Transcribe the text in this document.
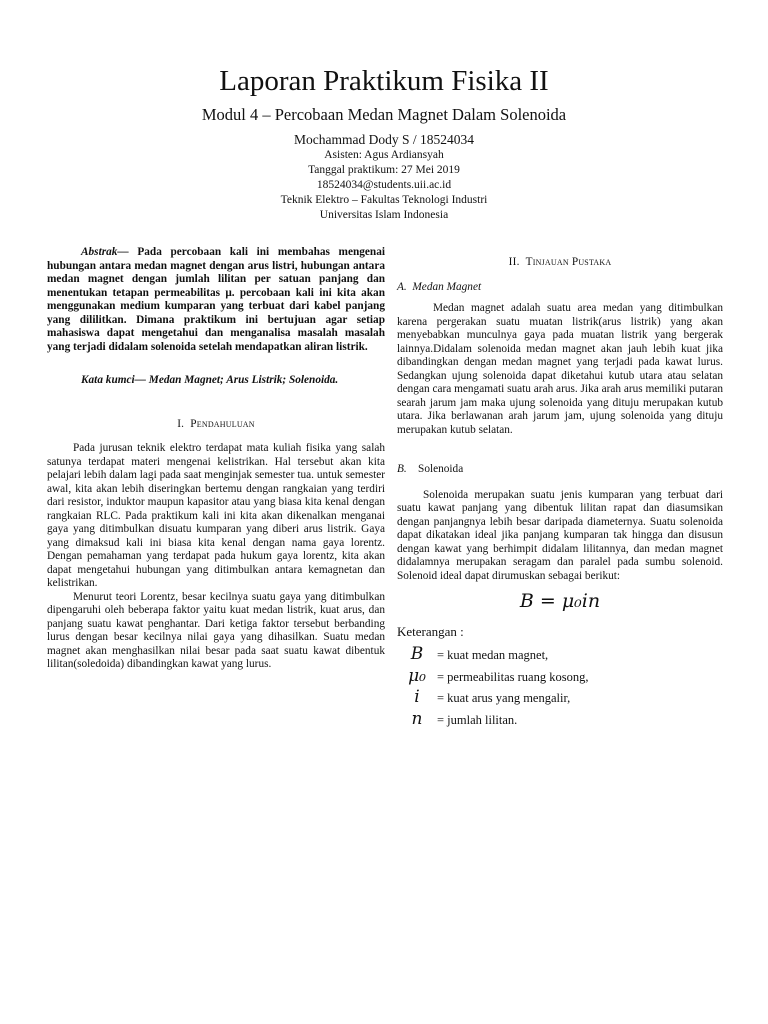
Laporan Praktikum Fisika II
Modul 4 – Percobaan Medan Magnet Dalam Solenoida
Mochammad Dody S / 18524034
Asisten: Agus Ardiansyah
Tanggal praktikum: 27 Mei 2019
18524034@students.uii.ac.id
Teknik Elektro – Fakultas Teknologi Industri
Universitas Islam Indonesia

Abstrak— Pada percobaan kali ini membahas mengenai hubungan antara medan magnet dengan arus listri, hubungan antara medan magnet dengan jumlah lilitan per satuan panjang dan menentukan tetapan permeabilitas μ. percobaan kali ini kita akan menggunakan medium kumparan yang terbuat dari kabel panjang yang dililitkan. Dimana praktikum ini bertujuan agar setiap mahasiswa dapat mengetahui dan menganalisa masalah masalah yang terjadi didalam solenoida setelah mendapatkan aliran listrik.

Kata kumci— Medan Magnet; Arus Listrik; Solenoida.

I. Pendahuluan

Pada jurusan teknik elektro terdapat mata kuliah fisika yang salah satunya terdapat materi mengenai kelistrikan. Hal tersebut akan kita pelajari lebih dalam lagi pada saat menginjak semester tua. untuk semester awal, kita akan lebih diseringkan bertemu dengan rangkaian yang terdiri dari resistor, induktor maupun kapasitor atau yang biasa kita kenal dengan rangkaian RLC. Pada praktikum kali ini kita akan dikenalkan menganai gaya yang ditimbulkan disuatu kumparan yang diberi arus listrik. Gaya yang dimaksud kali ini biasa kita kenal dengan nama gaya lorentz. Dengan pemahaman yang terdapat pada hukum gaya lorentz, kita akan dapat mengetahui hubungan yang ditimbulkan antara kemagnetan dan kelistrikan.

Menurut teori Lorentz, besar kecilnya suatu gaya yang ditimbulkan dipengaruhi oleh beberapa faktor yaitu kuat medan listrik, kuat arus, dan panjang suatu kawat penghantar. Dari ketiga faktor tersebut berbanding lurus dengan besar kecilnya nilai gaya yang dihasilkan. Suatu medan magnet akan menghasilkan nilai besar pada saat suatu kawat dibentuk lilitan(soledoida) dibandingkan kawat yang lurus.

II. Tinjauan Pustaka
A. Medan Magnet

Medan magnet adalah suatu area medan yang ditimbulkan karena pergerakan suatu muatan listrik(arus listrik) yang akan menyebabkan munculnya gaya pada muatan listrik yang bergerak lainnya.Didalam solenoida medan magnet akan jauh lebih kuat jika dibandingkan dengan medan magnet yang terjadi pada kawat lurus. Sedangkan ujung solenoida dapat diketahui kutub utara atau selatan dengan cara mengamati suatu arah arus. Jika arah arus memiliki putaran searah jarum jam maka ujung solenoida yang dituju merupakan kutub utara. Jika berlawanan arah jarum jam, ujung solenoida yang dituju merupakan kutub selatan.

B. Solenoida

Solenoida merupakan suatu jenis kumparan yang terbuat dari suatu kawat panjang yang dibentuk lilitan rapat dan diasumsikan dengan panjangnya lebih besar daripada diameternya. Suatu solenoida dapat dikatakan ideal jika panjang kumparan tak hingga dan disusun dengan kawat yang berhimpit didalam lilitannya, dan medan magnet didalamnya merupakan seragam dan paralel pada sumbu solenoid. Solenoid ideal dapat dirumuskan sebagai berikut:

B = μ₀in
Keterangan :
B	= kuat medan magnet,
μ₀ = permeabilitas ruang kosong,
i	= kuat arus yang mengalir,
n	= jumlah lilitan.
